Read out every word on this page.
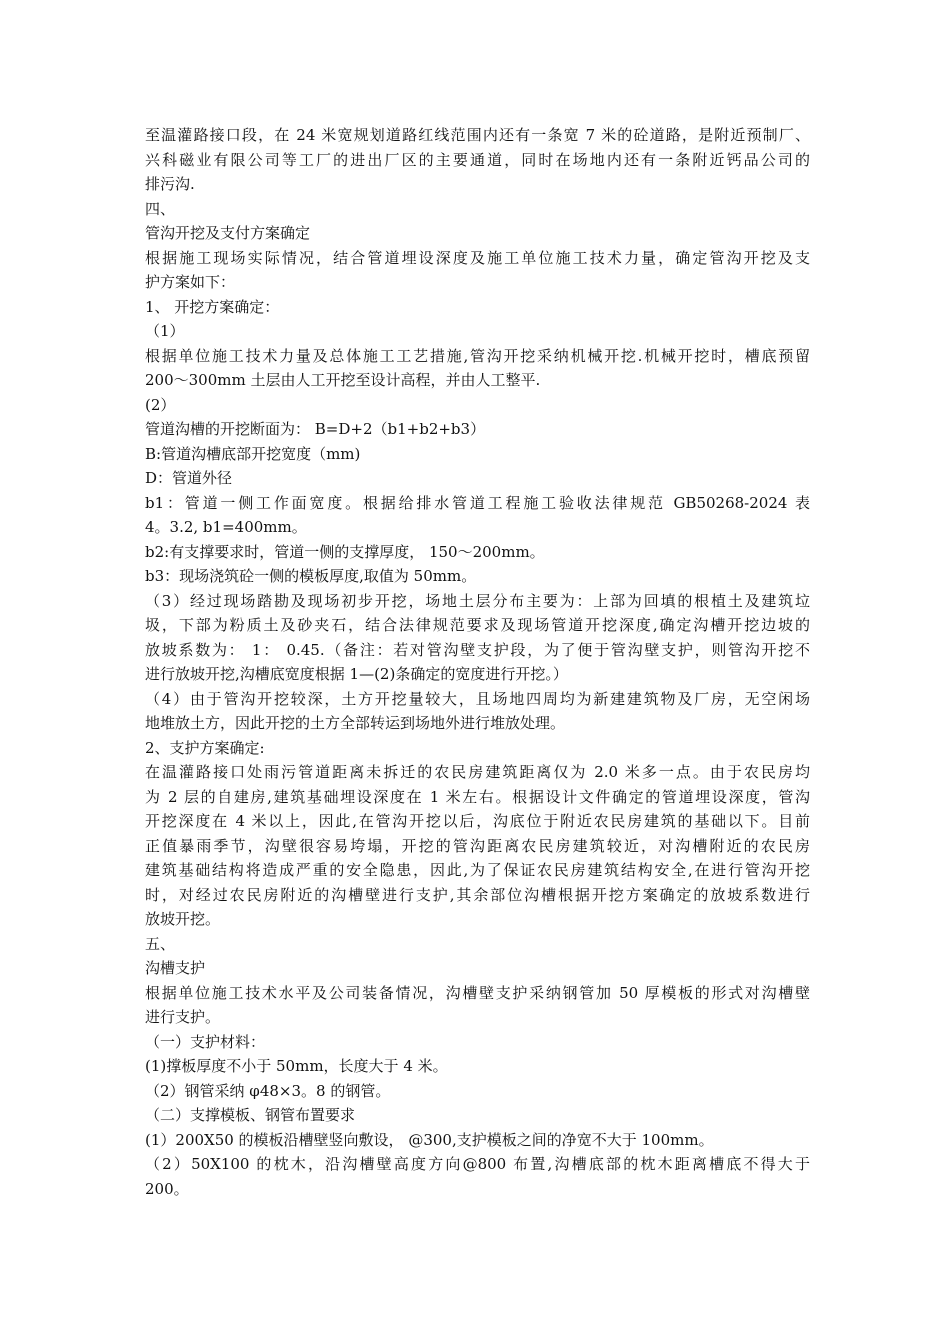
至温灌路接口段，在 24 米宽规划道路红线范围内还有一条宽 7 米的砼道路，是附近预制厂、
兴科磁业有限公司等工厂的进出厂区的主要通道，同时在场地内还有一条附近钙品公司的
排污沟.
四、
管沟开挖及支付方案确定
根据施工现场实际情况，结合管道埋设深度及施工单位施工技术力量，确定管沟开挖及支
护方案如下：
1、 开挖方案确定：
（1）
根据单位施工技术力量及总体施工工艺措施,管沟开挖采纳机械开挖.机械开挖时，槽底预留
200～300mm 土层由人工开挖至设计高程，并由人工整平.
(2）
管道沟槽的开挖断面为： B=D+2（b1+b2+b3）
B:管道沟槽底部开挖宽度（mm)
D：管道外径
b1：管道一侧工作面宽度。根据给排水管道工程施工验收法律规范 GB50268-2024 表
4。3.2, b1=400mm。
b2:有支撑要求时，管道一侧的支撑厚度， 150～200mm。
b3：现场浇筑砼一侧的模板厚度,取值为 50mm。
（3）经过现场踏勘及现场初步开挖，场地土层分布主要为：上部为回填的根植土及建筑垃
圾，下部为粉质土及砂夹石，结合法律规范要求及现场管道开挖深度,确定沟槽开挖边坡的
放坡系数为： 1： 0.45.（备注：若对管沟壁支护段，为了便于管沟壁支护，则管沟开挖不
进行放坡开挖,沟槽底宽度根据 1—(2)条确定的宽度进行开挖。）
（4）由于管沟开挖较深，土方开挖量较大，且场地四周均为新建建筑物及厂房，无空闲场
地堆放土方，因此开挖的土方全部转运到场地外进行堆放处理。
2、支护方案确定:
在温灌路接口处雨污管道距离未拆迁的农民房建筑距离仅为 2.0 米多一点。由于农民房均
为 2 层的自建房,建筑基础埋设深度在 1 米左右。根据设计文件确定的管道埋设深度，管沟
开挖深度在 4 米以上，因此,在管沟开挖以后，沟底位于附近农民房建筑的基础以下。目前
正值暴雨季节，沟壁很容易垮塌，开挖的管沟距离农民房建筑较近，对沟槽附近的农民房
建筑基础结构将造成严重的安全隐患，因此,为了保证农民房建筑结构安全,在进行管沟开挖
时，对经过农民房附近的沟槽壁进行支护,其余部位沟槽根据开挖方案确定的放坡系数进行
放坡开挖。
五、
沟槽支护
根据单位施工技术水平及公司装备情况，沟槽壁支护采纳钢管加 50 厚模板的形式对沟槽壁
进行支护。
（一）支护材料：
(1)撑板厚度不小于 50mm，长度大于 4 米。
（2）钢管采纳 φ48×3。8 的钢管。
（二）支撑模板、钢管布置要求
(1）200X50 的模板沿槽壁竖向敷设， @300,支护模板之间的净宽不大于 100mm。
（2）50X100 的枕木，沿沟槽壁高度方向@800 布置,沟槽底部的枕木距离槽底不得大于
200。
